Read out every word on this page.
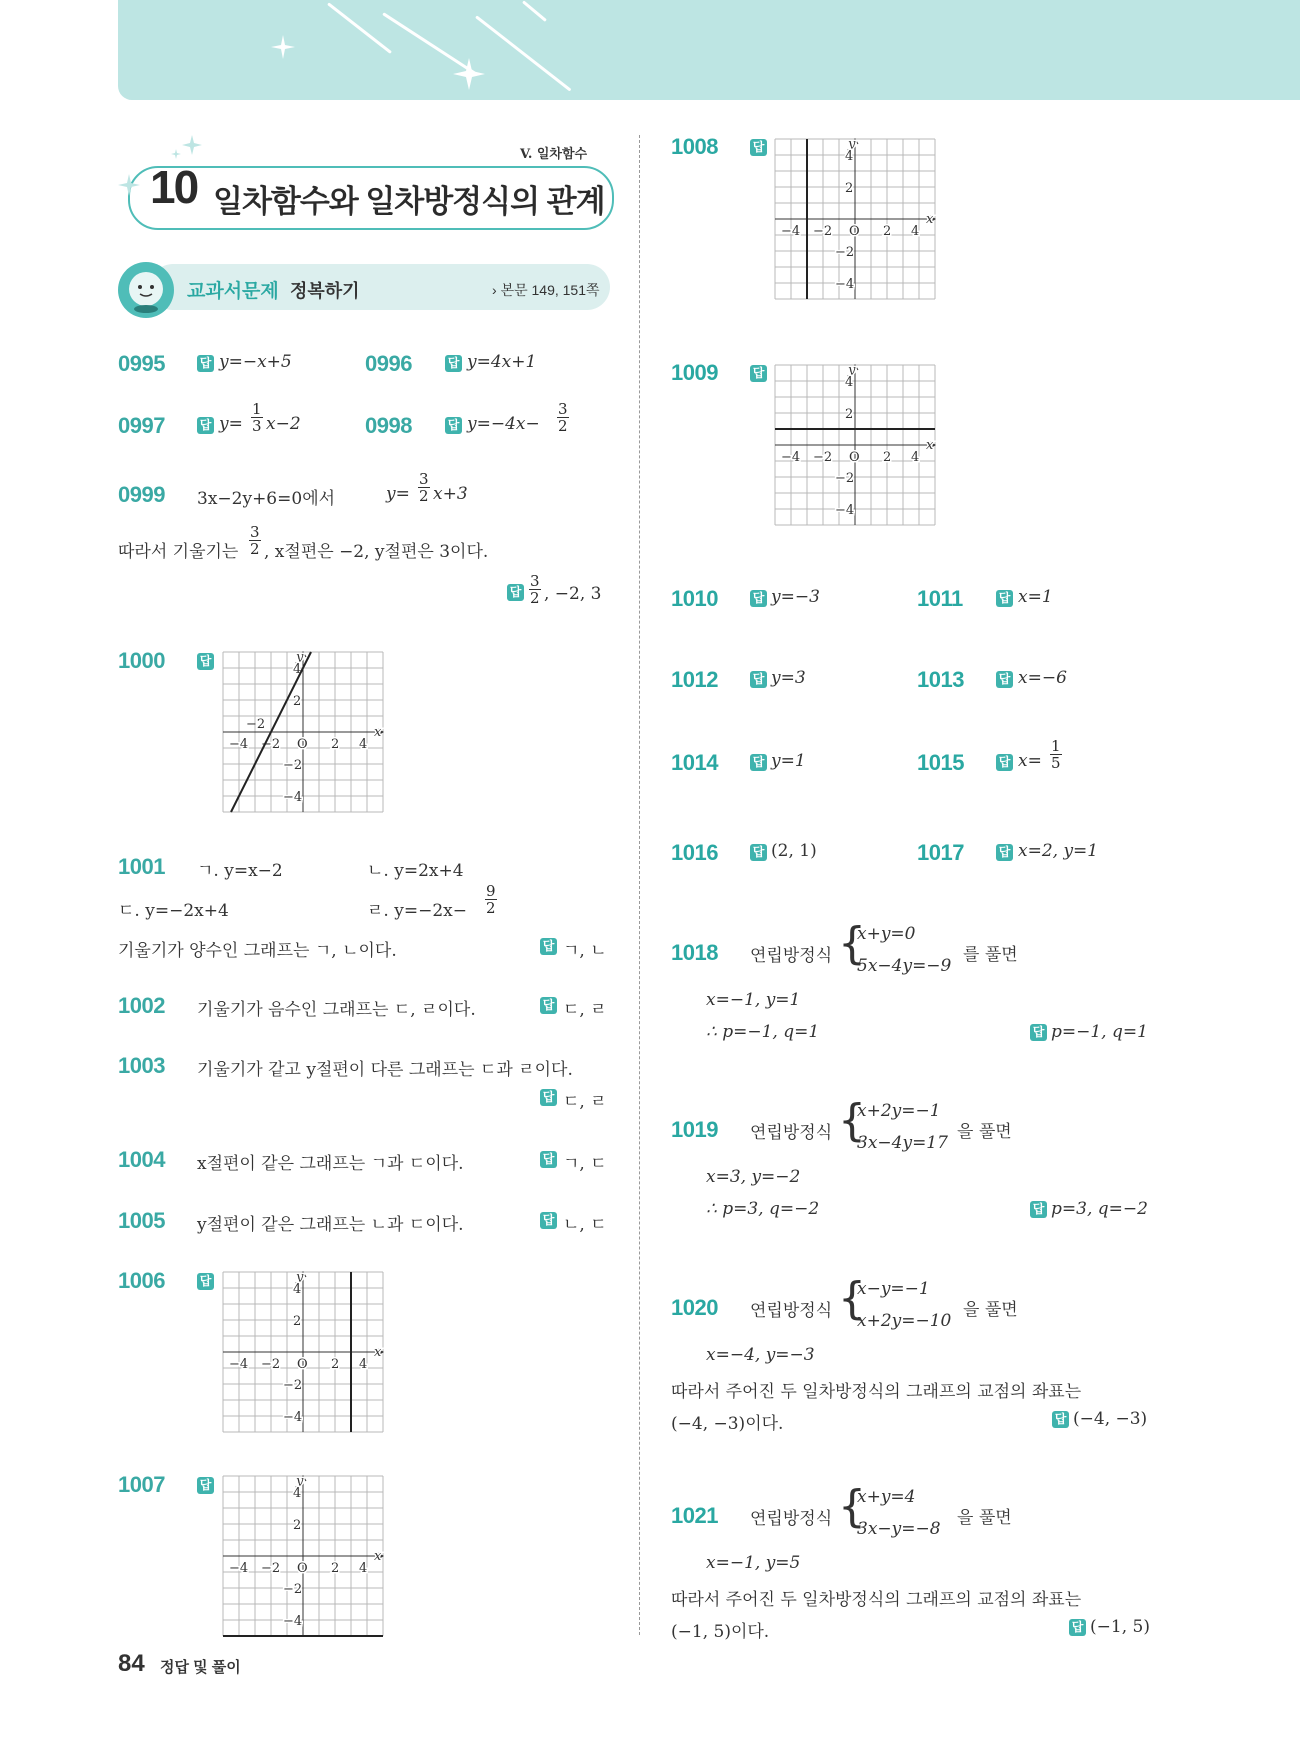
V. 일차함수
10 일차함수와 일차방정식의 관계
교과서문제 정복하기	› 본문 149, 151쪽
0995	답 y=−x+5	0996	답 y=4x+1
0997	답 $y= \frac{1}{3} x-2$	0998	답 $y=-4x- \frac{3}{2}$
0999 3x−2y+6=0에서	$y= \frac{3}{2} x+3$
따라서 기울기는 $\frac{3}{2}$ , x절편은 −2, y절편은 3이다.
답 $\frac{3}{2}$ , −2, 3
1000	답
x
y
O 2 4
−2
−4
4
2
−2
−4
−2
1001 ㄱ. y=x−2	ㄴ. y=2x+4
ㄷ. y=−2x+4	ㄹ. $y=-2x- \frac{9}{2}$
기울기가 양수인 그래프는 ㄱ, ㄴ이다.	답 ㄱ, ㄴ
1002 기울기가 음수인 그래프는 ㄷ, ㄹ이다.	답 ㄷ, ㄹ
1003 기울기가 같고 y절편이 다른 그래프는 ㄷ과 ㄹ이다.
답 ㄷ, ㄹ
1004 x절편이 같은 그래프는 ㄱ과 ㄷ이다.	답 ㄱ, ㄷ
1005 y절편이 같은 그래프는 ㄴ과 ㄷ이다.	답 ㄴ, ㄷ
1006	답
x
y
O 2 4
−2
−4
4
2
−2
−4
1007	답
x
y
O 2 4
−2
−4
4
2
−2
−4
1008	답
x
y
O 2 4
−2
−4
4
2
−2
−4
1009	답
x
y
O 2 4
−2
−4
4
2
−2
−4
1010	답 y=−3	1011	답 x=1
1012	답 y=3	1013	답 x=−6
1014	답 y=1	1015	답 $x= \frac{1}{5}$
1016	답 (2, 1)	1017	답 x=2, y=1
1018 연립방정식 {
x+y=0
5x−4y=−9
를 풀면
x=−1, y=1
∴ p=−1, q=1	답 p=−1, q=1
1019 연립방정식 {
x+2y=−1
3x−4y=17
을 풀면
x=3, y=−2
∴ p=3, q=−2	답 p=3, q=−2
1020 연립방정식 {
x−y=−1
x+2y=−10
을 풀면
x=−4, y=−3
따라서 주어진 두 일차방정식의 그래프의 교점의 좌표는
(−4, −3)이다.	답 (−4, −3)
1021 연립방정식 {
x+y=4
3x−y=−8
을 풀면
x=−1, y=5
따라서 주어진 두 일차방정식의 그래프의 교점의 좌표는
(−1, 5)이다.	답 (−1, 5)
84 정답 및 풀이
